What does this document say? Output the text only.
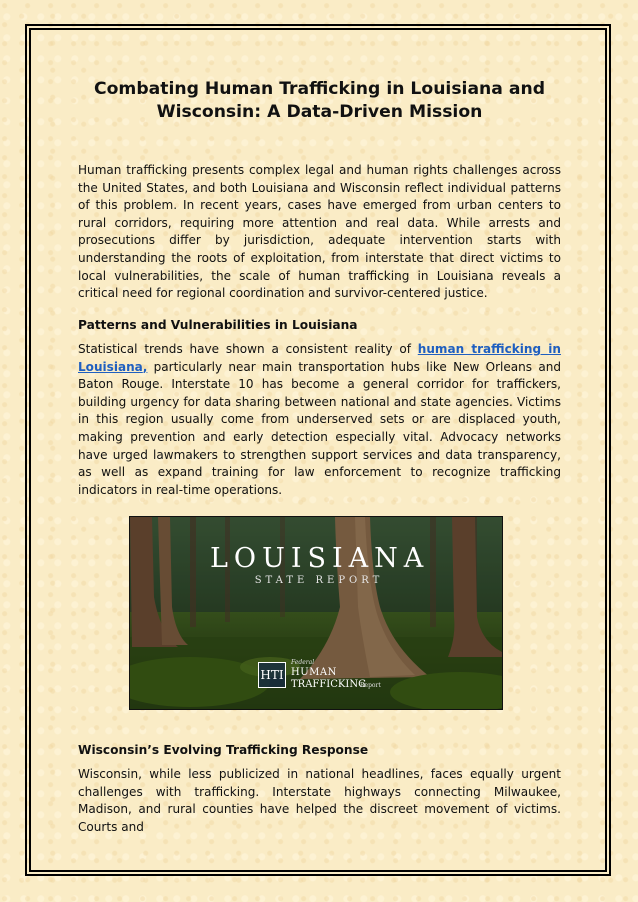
Combating Human Trafficking in Louisiana and Wisconsin: A Data-Driven Mission

Human trafficking presents complex legal and human rights challenges across the United States, and both Louisiana and Wisconsin reflect individual patterns of this problem. In recent years, cases have emerged from urban centers to rural corridors, requiring more attention and real data. While arrests and prosecutions differ by jurisdiction, adequate intervention starts with understanding the roots of exploitation, from interstate that direct victims to local vulnerabilities, the scale of human trafficking in Louisiana reveals a critical need for regional coordination and survivor-centered justice.

Patterns and Vulnerabilities in Louisiana

Statistical trends have shown a consistent reality of human trafficking in Louisiana, particularly near main transportation hubs like New Orleans and Baton Rouge. Interstate 10 has become a general corridor for traffickers, building urgency for data sharing between national and state agencies. Victims in this region usually come from underserved sets or are displaced youth, making prevention and early detection especially vital. Advocacy networks have urged lawmakers to strengthen support services and data transparency, as well as expand training for law enforcement to recognize trafficking indicators in real-time operations.

LOUISIANA
STATE REPORT
HTI
Federal
HUMAN
TRAFFICKING
Report
Wisconsin’s Evolving Trafficking Response

Wisconsin, while less publicized in national headlines, faces equally urgent challenges with trafficking. Interstate highways connecting Milwaukee, Madison, and rural counties have helped the discreet movement of victims. Courts and
